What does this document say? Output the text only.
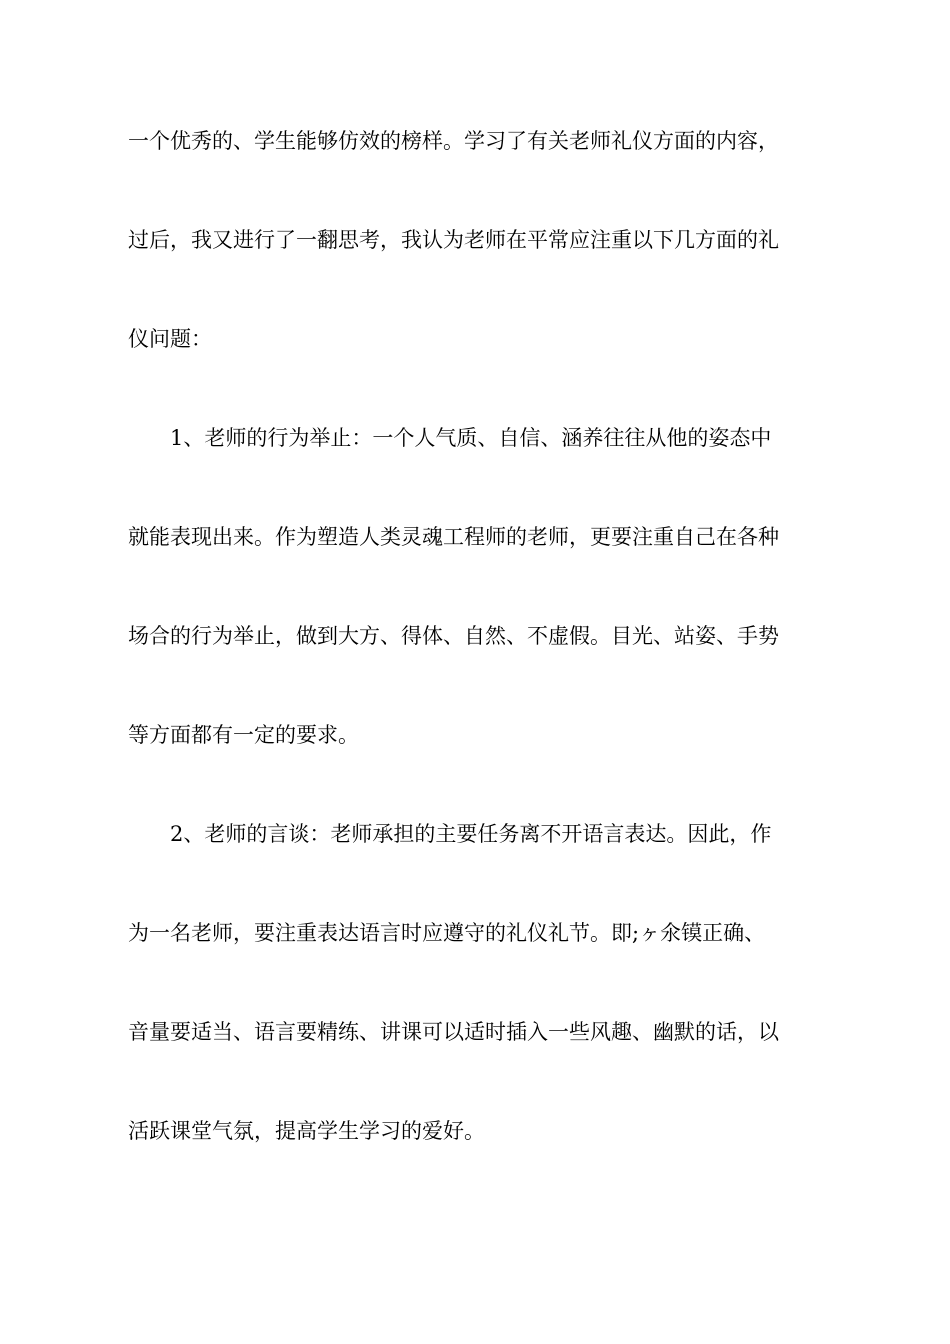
一个优秀的、学生能够仿效的榜样。学习了有关老师礼仪方面的内容，

过后，我又进行了一翻思考，我认为老师在平常应注重以下几方面的礼

仪问题：

1、老师的行为举止：一个人气质、自信、涵养往往从他的姿态中

就能表现出来。作为塑造人类灵魂工程师的老师，更要注重自己在各种

场合的行为举止，做到大方、得体、自然、不虚假。目光、站姿、手势

等方面都有一定的要求。

2、老师的言谈：老师承担的主要任务离不开语言表达。因此，作

为一名老师，要注重表达语言时应遵守的礼仪礼节。即;ヶ氽镆正确、

音量要适当、语言要精练、讲课可以适时插入一些风趣、幽默的话，以

活跃课堂气氛，提高学生学习的爱好。
